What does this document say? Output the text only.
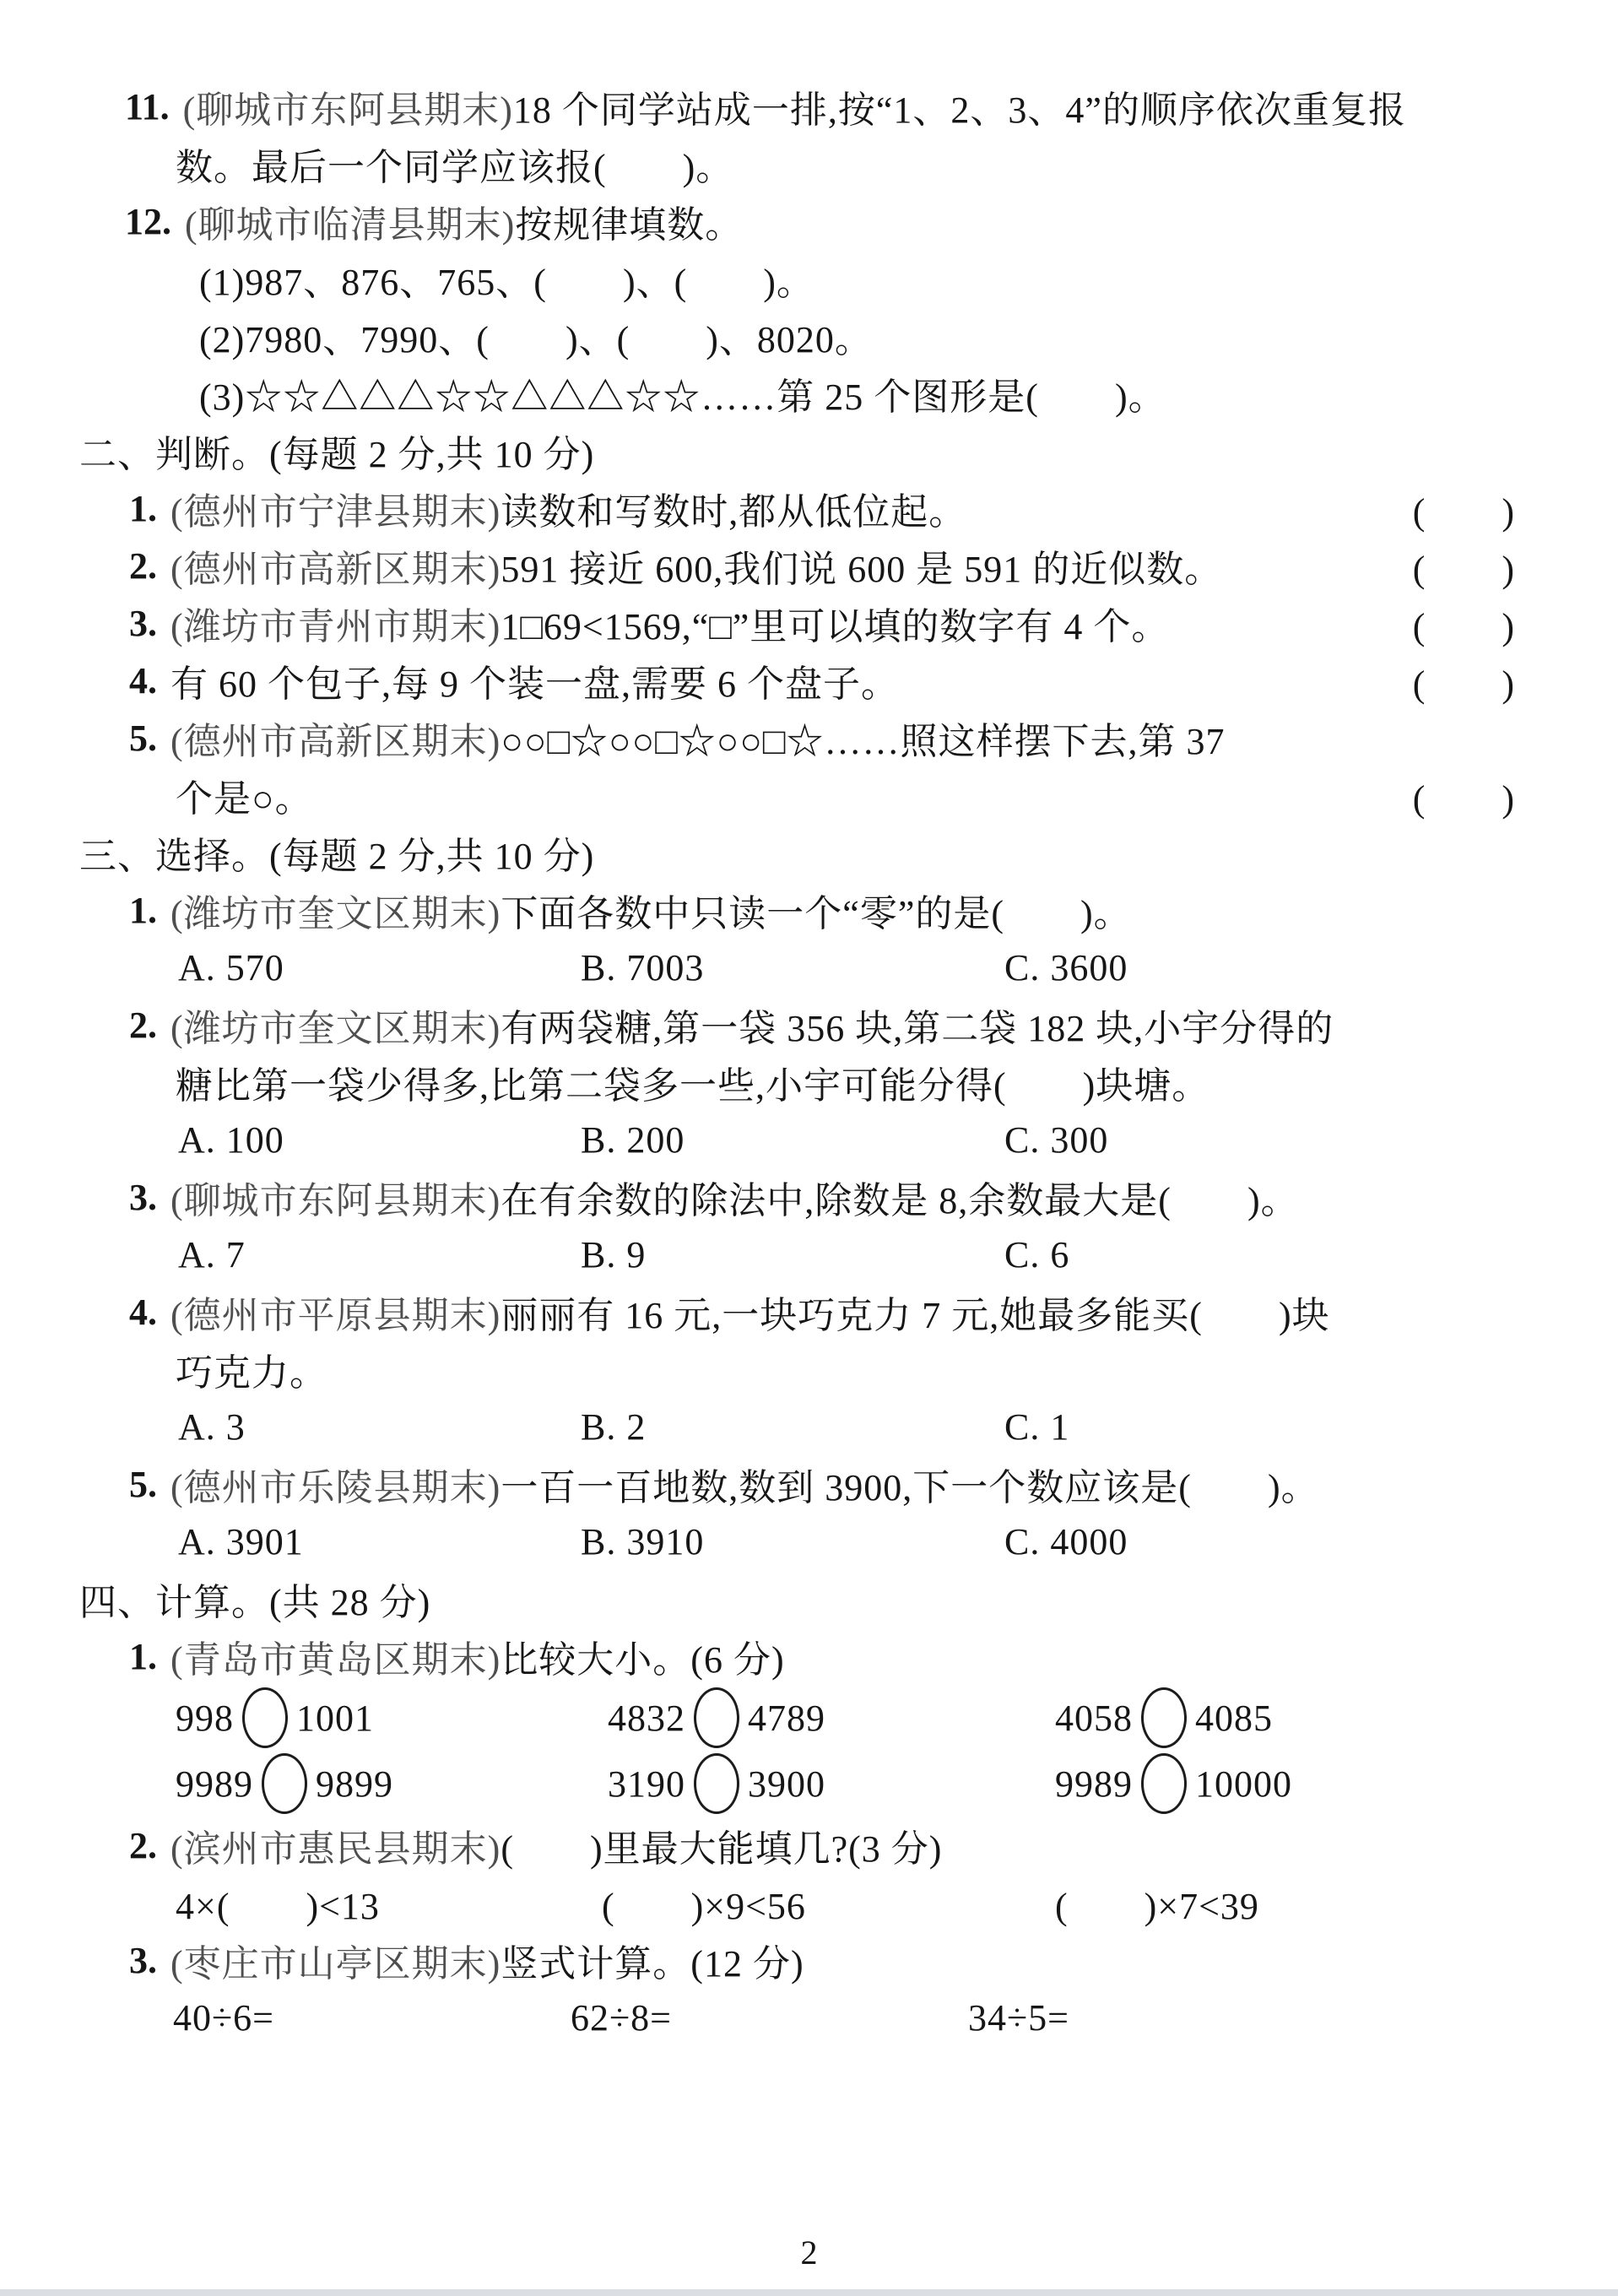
11. (聊城市东阿县期末) 18 个同学站成一排,按“1、2、3、4”的顺序依次重复报
数。最后一个同学应该报(　　)。
12. (聊城市临清县期末) 按规律填数。
(1)987、876、765、(　　)、(　　)。
(2)7980、7990、(　　)、(　　)、8020。
(3)☆☆△△△☆☆△△△☆☆……第 25 个图形是(　　)。
二、判断。(每题 2 分,共 10 分)
1. (德州市宁津县期末) 读数和写数时,都从低位起。	(　　)
2. (德州市高新区期末) 591 接近 600,我们说 600 是 591 的近似数。	(　　)
3. (潍坊市青州市期末) 1□69<1569,“□”里可以填的数字有 4 个。	(　　)
4. 有 60 个包子,每 9 个装一盘,需要 6 个盘子。	(　　)
5. (德州市高新区期末) ○○□☆○○□☆○○□☆……照这样摆下去,第 37
个是○。	(　　)
三、选择。(每题 2 分,共 10 分)
1. (潍坊市奎文区期末) 下面各数中只读一个“零”的是(　　)。
A. 570	B. 7003	C. 3600
2. (潍坊市奎文区期末) 有两袋糖,第一袋 356 块,第二袋 182 块,小宇分得的
糖比第一袋少得多,比第二袋多一些,小宇可能分得(　　)块塘。
A. 100	B. 200	C. 300
3. (聊城市东阿县期末) 在有余数的除法中,除数是 8,余数最大是(　　)。
A. 7	B. 9	C. 6
4. (德州市平原县期末) 丽丽有 16 元,一块巧克力 7 元,她最多能买(　　)块
巧克力。
A. 3	B. 2	C. 1
5. (德州市乐陵县期末) 一百一百地数,数到 3900,下一个数应该是(　　)。
A. 3901	B. 3910	C. 4000
四、计算。(共 28 分)
1. (青岛市黄岛区期末) 比较大小。(6 分)
998 1001	4832 4789	4058 4085
9989 9899	3190 3900	9989 10000
2. (滨州市惠民县期末) (　　)里最大能填几?(3 分)
4×(　　)<13	(　　)×9<56	(　　)×7<39
3. (枣庄市山亭区期末) 竖式计算。(12 分)
40÷6=	62÷8=	34÷5=
2
